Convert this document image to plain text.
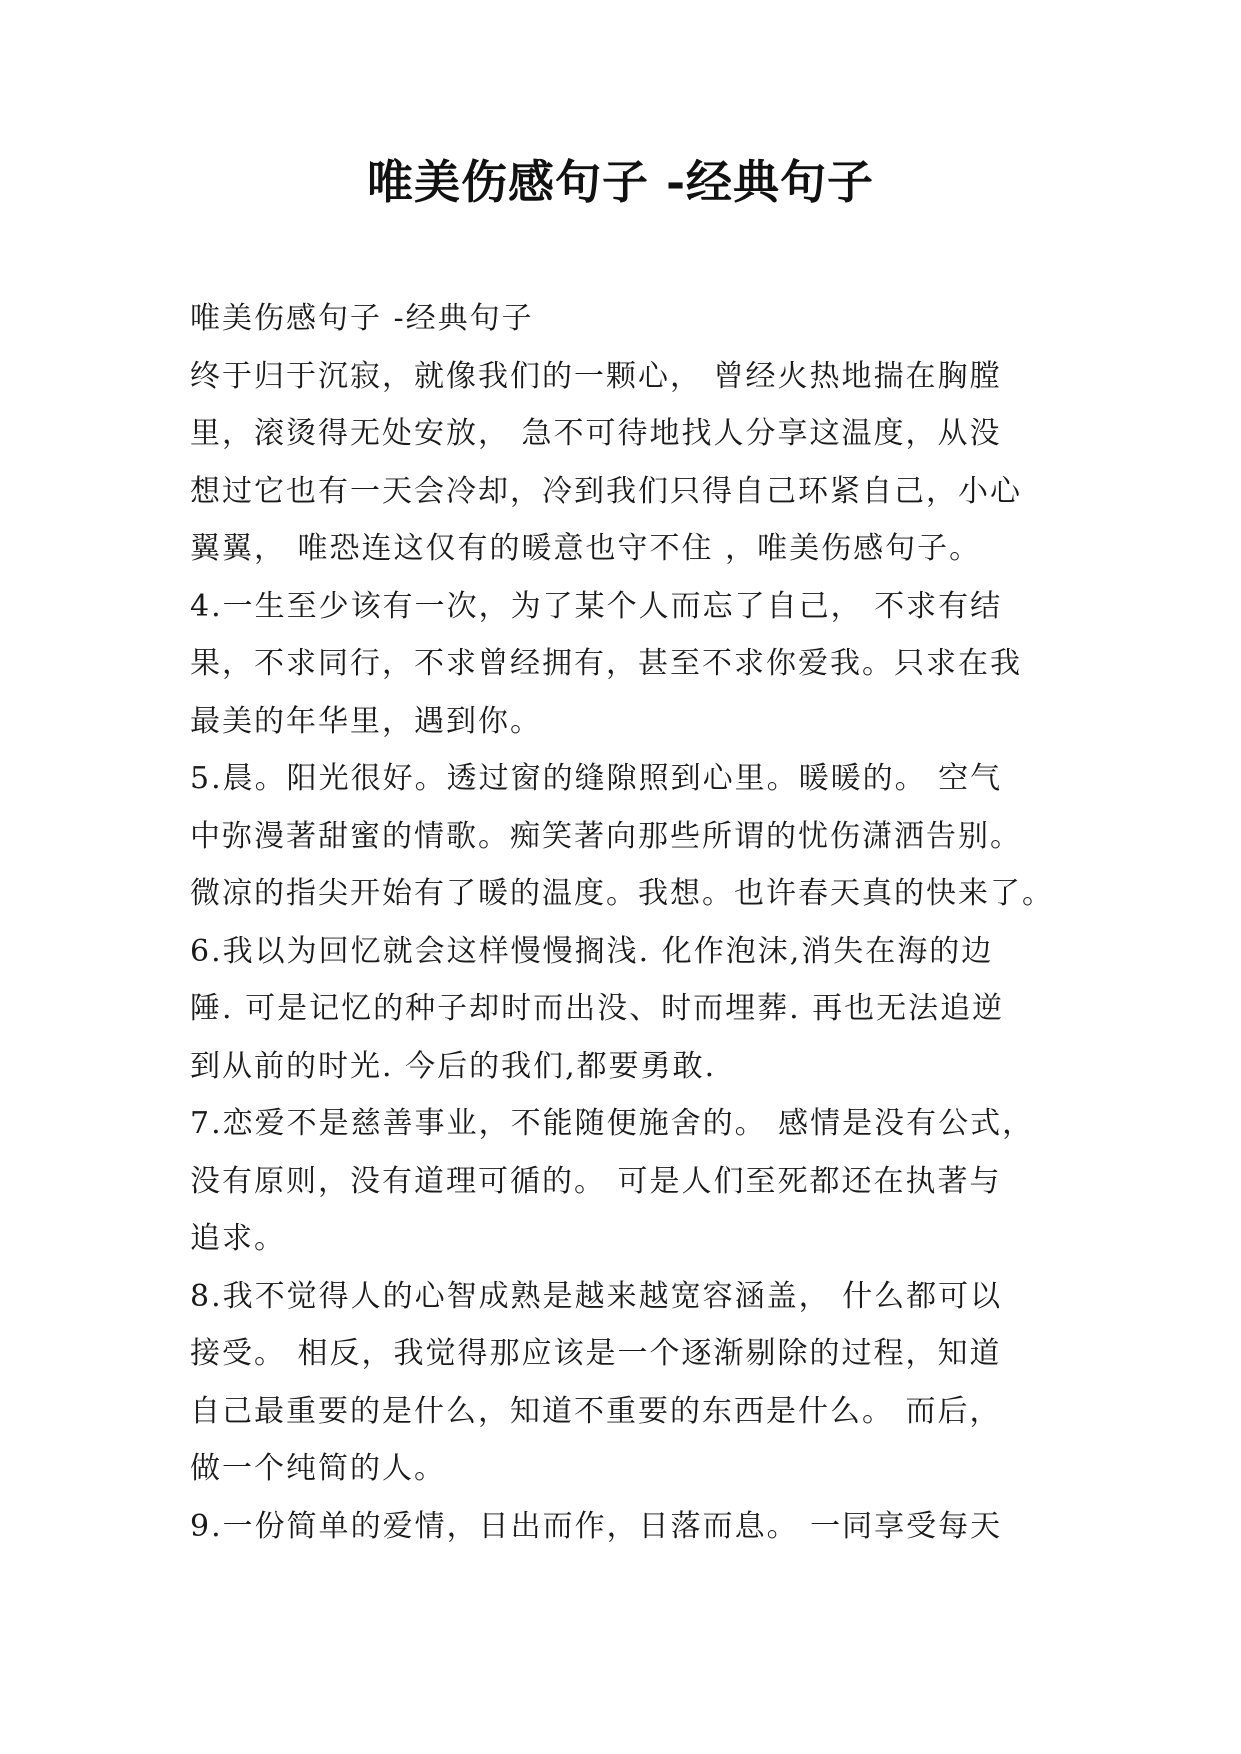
唯美伤感句子 -经典句子
唯美伤感句子 -经典句子
终于归于沉寂，就像我们的一颗心， 曾经火热地揣在胸膛
里，滚烫得无处安放， 急不可待地找人分享这温度，从没
想过它也有一天会冷却，冷到我们只得自己环紧自己，小心
翼翼， 唯恐连这仅有的暖意也守不住 ，唯美伤感句子。
4.一生至少该有一次，为了某个人而忘了自己， 不求有结
果，不求同行，不求曾经拥有，甚至不求你爱我。只求在我
最美的年华里，遇到你。
5.晨。阳光很好。透过窗的缝隙照到心里。暖暖的。 空气
中弥漫著甜蜜的情歌。痴笑著向那些所谓的忧伤潇洒告别。
微凉的指尖开始有了暖的温度。我想。也许春天真的快来了。
6.我以为回忆就会这样慢慢搁浅. 化作泡沫,消失在海的边
陲. 可是记忆的种子却时而出没、时而埋葬. 再也无法追逆
到从前的时光. 今后的我们,都要勇敢.
7.恋爱不是慈善事业，不能随便施舍的。 感情是没有公式，
没有原则，没有道理可循的。 可是人们至死都还在执著与
追求。
8.我不觉得人的心智成熟是越来越宽容涵盖， 什么都可以
接受。 相反，我觉得那应该是一个逐渐剔除的过程，知道
自己最重要的是什么，知道不重要的东西是什么。 而后，
做一个纯简的人。
9.一份简单的爱情，日出而作，日落而息。 一同享受每天
